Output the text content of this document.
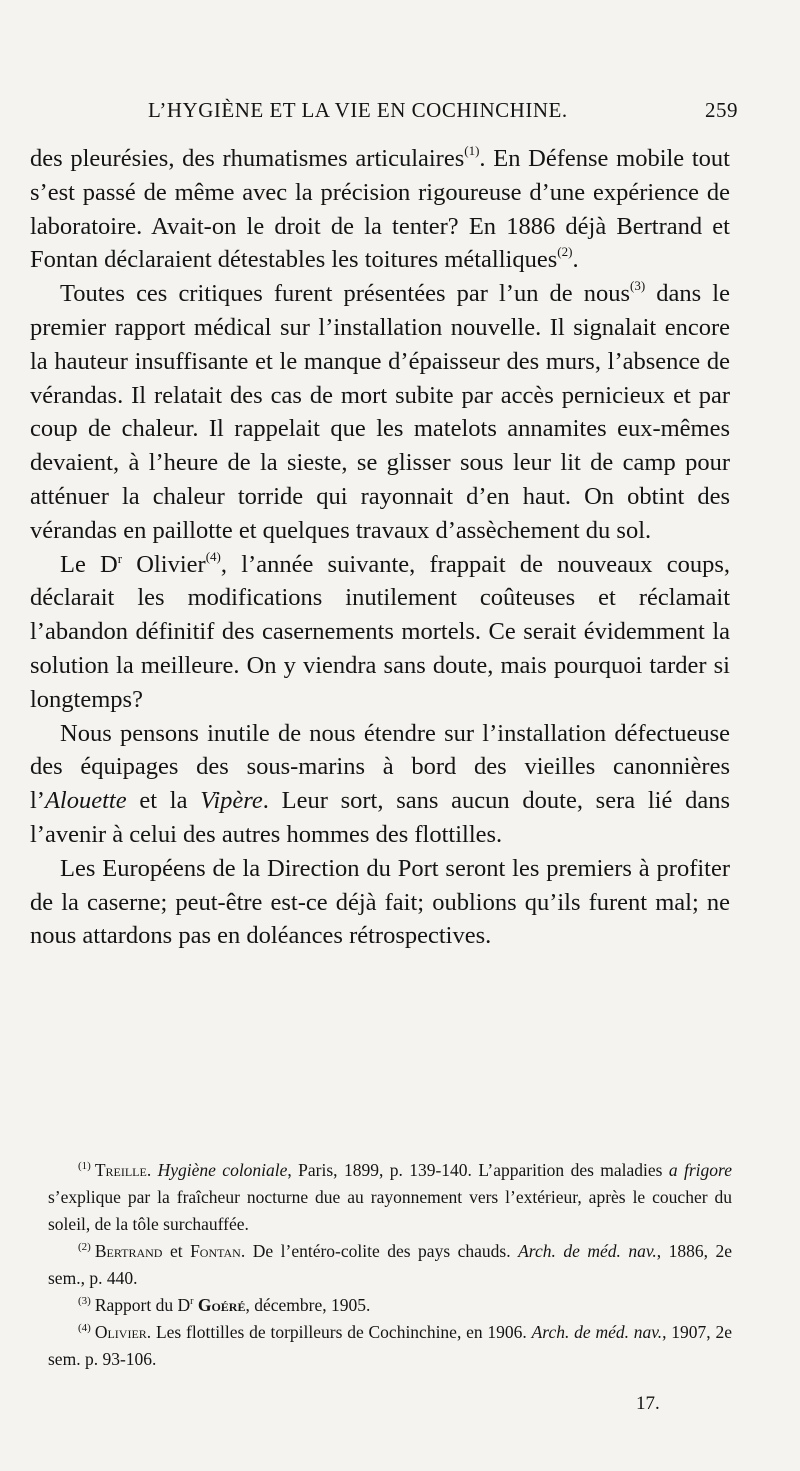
L’HYGIÈNE ET LA VIE EN COCHINCHINE.	259

des pleurésies, des rhumatismes articulaires$^{(1)}$. En Défense mobile tout s’est passé de même avec la précision rigoureuse d’une expérience de laboratoire. Avait-on le droit de la tenter? En 1886 déjà Bertrand et Fontan déclaraient détestables les toitures métalliques$^{(2)}$.

Toutes ces critiques furent présentées par l’un de nous$^{(3)}$ dans le premier rapport médical sur l’installation nouvelle. Il signalait encore la hauteur insuffisante et le manque d’épaisseur des murs, l’absence de vérandas. Il relatait des cas de mort subite par accès pernicieux et par coup de chaleur. Il rappelait que les matelots annamites eux-mêmes devaient, à l’heure de la sieste, se glisser sous leur lit de camp pour atténuer la chaleur torride qui rayonnait d’en haut. On obtint des vérandas en paillotte et quelques travaux d’assèchement du sol.

Le $D^r$ Olivier$^{(4)}$, l’année suivante, frappait de nouveaux coups, déclarait les modifications inutilement coûteuses et réclamait l’abandon définitif des casernements mortels. Ce serait évidemment la solution la meilleure. On y viendra sans doute, mais pourquoi tarder si longtemps?

Nous pensons inutile de nous étendre sur l’installation défectueuse des équipages des sous-marins à bord des vieilles canonnières l’Alouette et la Vipère. Leur sort, sans aucun doute, sera lié dans l’avenir à celui des autres hommes des flottilles.

Les Européens de la Direction du Port seront les premiers à profiter de la caserne; peut-être est-ce déjà fait; oublions qu’ils furent mal; ne nous attardons pas en doléances rétrospectives.

$^{(1)}$ Treille. Hygiène coloniale, Paris, 1899, p. 139-140. L’apparition des maladies a frigore s’explique par la fraîcheur nocturne due au rayonnement vers l’extérieur, après le coucher du soleil, de la tôle surchauffée.

$^{(2)}$ Bertrand et Fontan. De l’entéro-colite des pays chauds. Arch. de méd. nav., 1886, 2e sem., p. 440.

$^{(3)}$ Rapport du $D^r$ Goéré, décembre, 1905.

$^{(4)}$ Olivier. Les flottilles de torpilleurs de Cochinchine, en 1906. Arch. de méd. nav., 1907, 2e sem. p. 93-106.

17.
